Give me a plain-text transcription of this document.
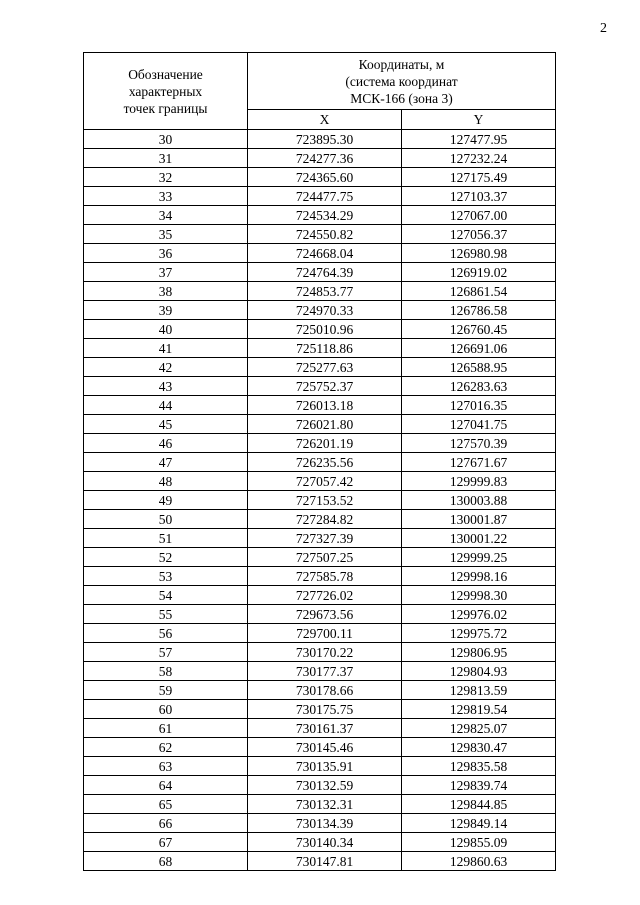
2
Обозначение
характерных
точек границы	Координаты, м
(система координат
МСК-166 (зона 3)	

	X	Y
30	723895.30	127477.95
31	724277.36	127232.24
32	724365.60	127175.49
33	724477.75	127103.37
34	724534.29	127067.00
35	724550.82	127056.37
36	724668.04	126980.98
37	724764.39	126919.02
38	724853.77	126861.54
39	724970.33	126786.58
40	725010.96	126760.45
41	725118.86	126691.06
42	725277.63	126588.95
43	725752.37	126283.63
44	726013.18	127016.35
45	726021.80	127041.75
46	726201.19	127570.39
47	726235.56	127671.67
48	727057.42	129999.83
49	727153.52	130003.88
50	727284.82	130001.87
51	727327.39	130001.22
52	727507.25	129999.25
53	727585.78	129998.16
54	727726.02	129998.30
55	729673.56	129976.02
56	729700.11	129975.72
57	730170.22	129806.95
58	730177.37	129804.93
59	730178.66	129813.59
60	730175.75	129819.54
61	730161.37	129825.07
62	730145.46	129830.47
63	730135.91	129835.58
64	730132.59	129839.74
65	730132.31	129844.85
66	730134.39	129849.14
67	730140.34	129855.09
68	730147.81	129860.63
